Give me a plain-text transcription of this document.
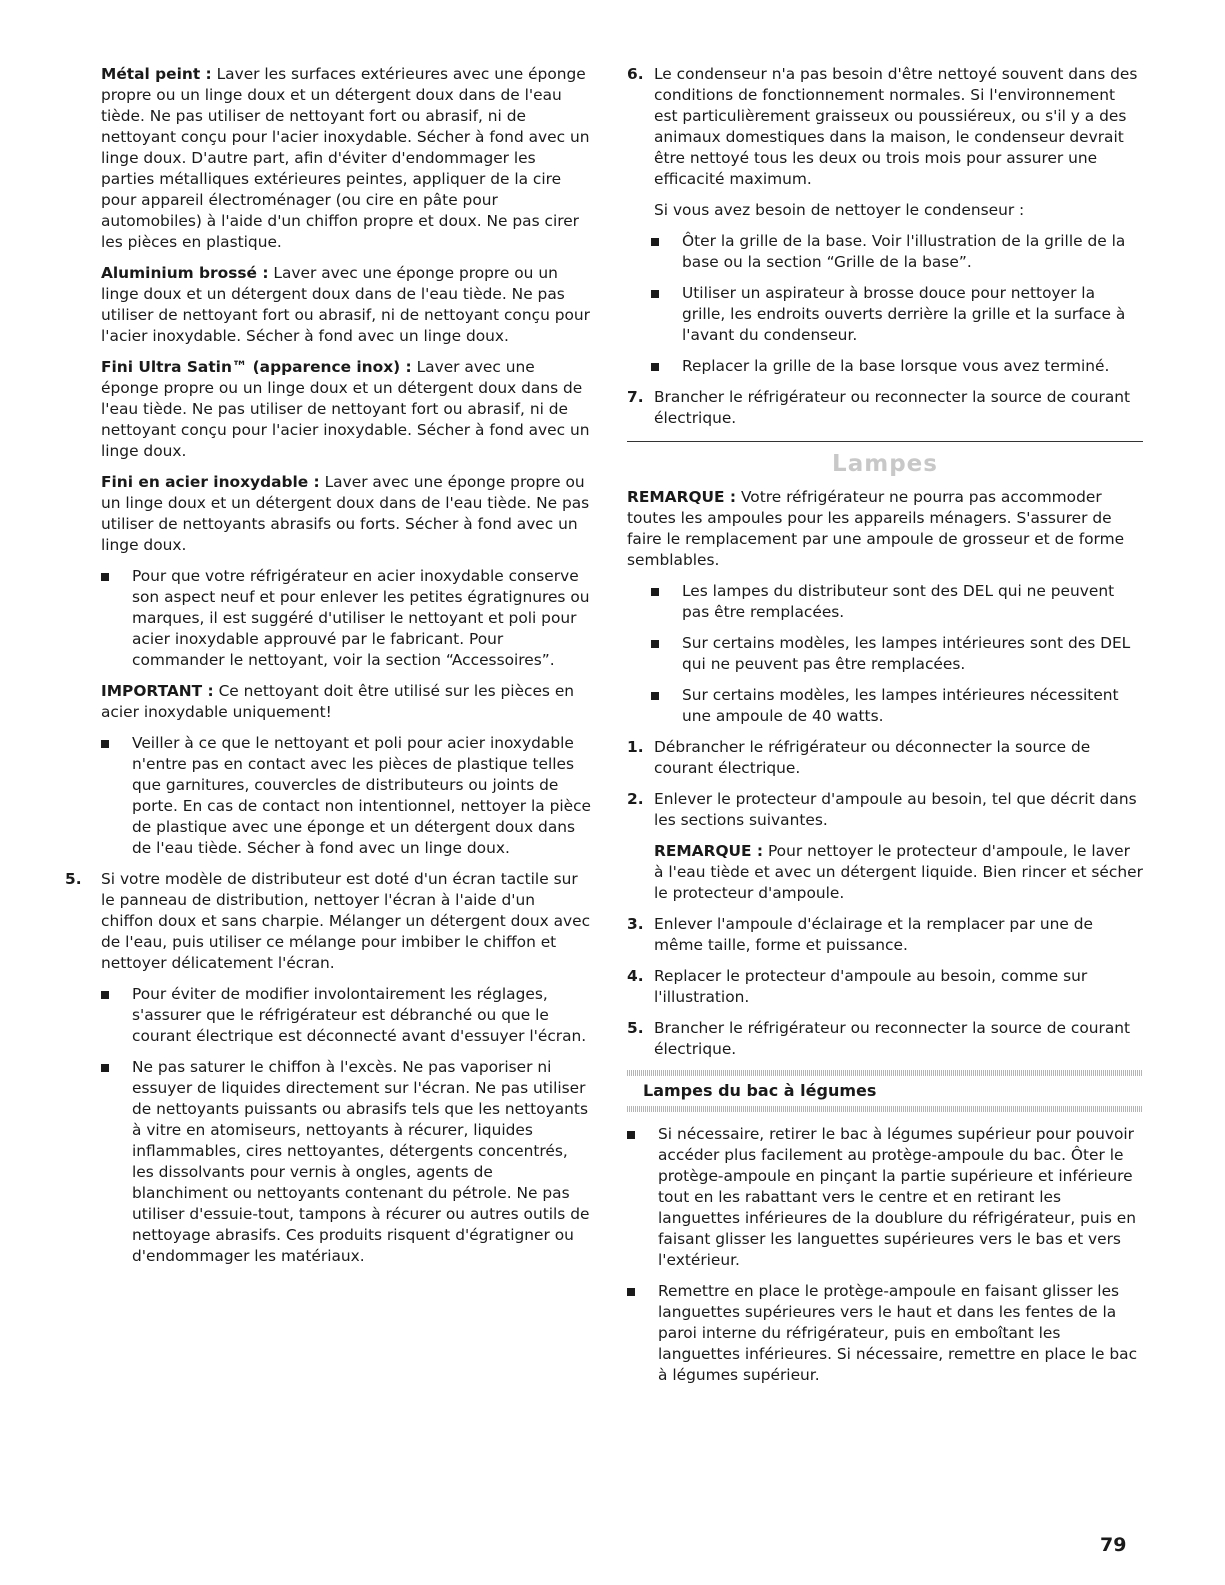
Métal peint : Laver les surfaces extérieures avec une éponge propre ou un linge doux et un détergent doux dans de l'eau tiède. Ne pas utiliser de nettoyant fort ou abrasif, ni de nettoyant conçu pour l'acier inoxydable. Sécher à fond avec un linge doux. D'autre part, afin d'éviter d'endommager les parties métalliques extérieures peintes, appliquer de la cire pour appareil électroménager (ou cire en pâte pour automobiles) à l'aide d'un chiffon propre et doux. Ne pas cirer les pièces en plastique.

Aluminium brossé : Laver avec une éponge propre ou un linge doux et un détergent doux dans de l'eau tiède. Ne pas utiliser de nettoyant fort ou abrasif, ni de nettoyant conçu pour l'acier inoxydable. Sécher à fond avec un linge doux.

Fini Ultra Satin™ (apparence inox) : Laver avec une éponge propre ou un linge doux et un détergent doux dans de l'eau tiède. Ne pas utiliser de nettoyant fort ou abrasif, ni de nettoyant conçu pour l'acier inoxydable. Sécher à fond avec un linge doux.

Fini en acier inoxydable : Laver avec une éponge propre ou un linge doux et un détergent doux dans de l'eau tiède. Ne pas utiliser de nettoyants abrasifs ou forts. Sécher à fond avec un linge doux.

Pour que votre réfrigérateur en acier inoxydable conserve son aspect neuf et pour enlever les petites égratignures ou marques, il est suggéré d'utiliser le nettoyant et poli pour acier inoxydable approuvé par le fabricant. Pour commander le nettoyant, voir la section “Accessoires”.

IMPORTANT : Ce nettoyant doit être utilisé sur les pièces en acier inoxydable uniquement!

Veiller à ce que le nettoyant et poli pour acier inoxydable n'entre pas en contact avec les pièces de plastique telles que garnitures, couvercles de distributeurs ou joints de porte. En cas de contact non intentionnel, nettoyer la pièce de plastique avec une éponge et un détergent doux dans de l'eau tiède. Sécher à fond avec un linge doux.
5. Si votre modèle de distributeur est doté d'un écran tactile sur le panneau de distribution, nettoyer l'écran à l'aide d'un chiffon doux et sans charpie. Mélanger un détergent doux avec de l'eau, puis utiliser ce mélange pour imbiber le chiffon et nettoyer délicatement l'écran.
Pour éviter de modifier involontairement les réglages, s'assurer que le réfrigérateur est débranché ou que le courant électrique est déconnecté avant d'essuyer l'écran.
Ne pas saturer le chiffon à l'excès. Ne pas vaporiser ni essuyer de liquides directement sur l'écran. Ne pas utiliser de nettoyants puissants ou abrasifs tels que les nettoyants à vitre en atomiseurs, nettoyants à récurer, liquides inflammables, cires nettoyantes, détergents concentrés, les dissolvants pour vernis à ongles, agents de blanchiment ou nettoyants contenant du pétrole. Ne pas utiliser d'essuie-tout, tampons à récurer ou autres outils de nettoyage abrasifs. Ces produits risquent d'égratigner ou d'endommager les matériaux.
6. Le condenseur n'a pas besoin d'être nettoyé souvent dans des conditions de fonctionnement normales. Si l'environnement est particulièrement graisseux ou poussiéreux, ou s'il y a des animaux domestiques dans la maison, le condenseur devrait être nettoyé tous les deux ou trois mois pour assurer une efficacité maximum.

Si vous avez besoin de nettoyer le condenseur :

Ôter la grille de la base. Voir l'illustration de la grille de la base ou la section “Grille de la base”.
Utiliser un aspirateur à brosse douce pour nettoyer la grille, les endroits ouverts derrière la grille et la surface à l'avant du condenseur.
Replacer la grille de la base lorsque vous avez terminé.
7. Brancher le réfrigérateur ou reconnecter la source de courant électrique.
Lampes

REMARQUE : Votre réfrigérateur ne pourra pas accommoder toutes les ampoules pour les appareils ménagers. S'assurer de faire le remplacement par une ampoule de grosseur et de forme semblables.

Les lampes du distributeur sont des DEL qui ne peuvent pas être remplacées.
Sur certains modèles, les lampes intérieures sont des DEL qui ne peuvent pas être remplacées.
Sur certains modèles, les lampes intérieures nécessitent une ampoule de 40 watts.
1. Débrancher le réfrigérateur ou déconnecter la source de courant électrique.
2. Enlever le protecteur d'ampoule au besoin, tel que décrit dans les sections suivantes.

REMARQUE : Pour nettoyer le protecteur d'ampoule, le laver à l'eau tiède et avec un détergent liquide. Bien rincer et sécher le protecteur d'ampoule.

3. Enlever l'ampoule d'éclairage et la remplacer par une de même taille, forme et puissance.
4. Replacer le protecteur d'ampoule au besoin, comme sur l'illustration.
5. Brancher le réfrigérateur ou reconnecter la source de courant électrique.
Lampes du bac à légumes
Si nécessaire, retirer le bac à légumes supérieur pour pouvoir accéder plus facilement au protège-ampoule du bac. Ôter le protège-ampoule en pinçant la partie supérieure et inférieure tout en les rabattant vers le centre et en retirant les languettes inférieures de la doublure du réfrigérateur, puis en faisant glisser les languettes supérieures vers le bas et vers l'extérieur.
Remettre en place le protège-ampoule en faisant glisser les languettes supérieures vers le haut et dans les fentes de la paroi interne du réfrigérateur, puis en emboîtant les languettes inférieures. Si nécessaire, remettre en place le bac à légumes supérieur.
79
